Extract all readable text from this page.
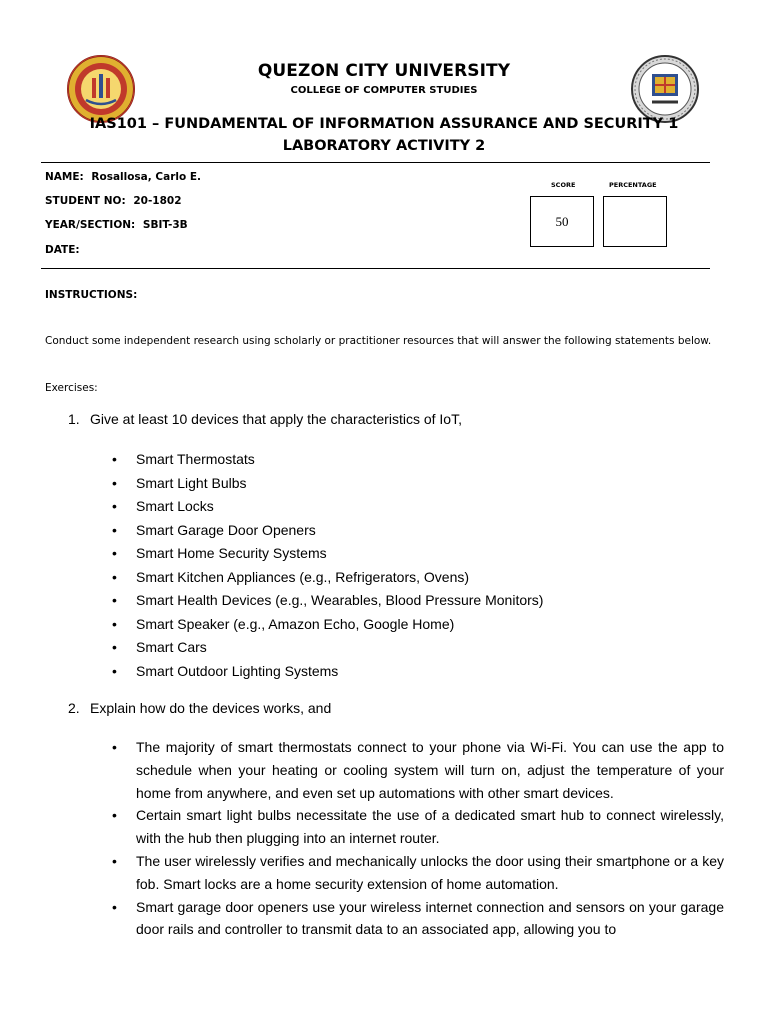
QUEZON CITY UNIVERSITY
COLLEGE OF COMPUTER STUDIES
IAS101 – FUNDAMENTAL OF INFORMATION ASSURANCE AND SECURITY 1
LABORATORY ACTIVITY 2
NAME: Rosallosa, Carlo E.
STUDENT NO: 20-1802
YEAR/SECTION: SBIT-3B
DATE:
SCORE	PERCENTAGE
50
INSTRUCTIONS:
Conduct some independent research using scholarly or practitioner resources that will answer the following statements below.
Exercises:
1. Give at least 10 devices that apply the characteristics of IoT,
• Smart Thermostats
• Smart Light Bulbs
• Smart Locks
• Smart Garage Door Openers
• Smart Home Security Systems
• Smart Kitchen Appliances (e.g., Refrigerators, Ovens)
• Smart Health Devices (e.g., Wearables, Blood Pressure Monitors)
• Smart Speaker (e.g., Amazon Echo, Google Home)
• Smart Cars
• Smart Outdoor Lighting Systems
2. Explain how do the devices works, and
• The majority of smart thermostats connect to your phone via Wi-Fi. You can use the app to schedule when your heating or cooling system will turn on, adjust the temperature of your home from anywhere, and even set up automations with other smart devices.
• Certain smart light bulbs necessitate the use of a dedicated smart hub to connect wirelessly, with the hub then plugging into an internet router.
• The user wirelessly verifies and mechanically unlocks the door using their smartphone or a key fob. Smart locks are a home security extension of home automation.
• Smart garage door openers use your wireless internet connection and sensors on your garage door rails and controller to transmit data to an associated app, allowing you to
